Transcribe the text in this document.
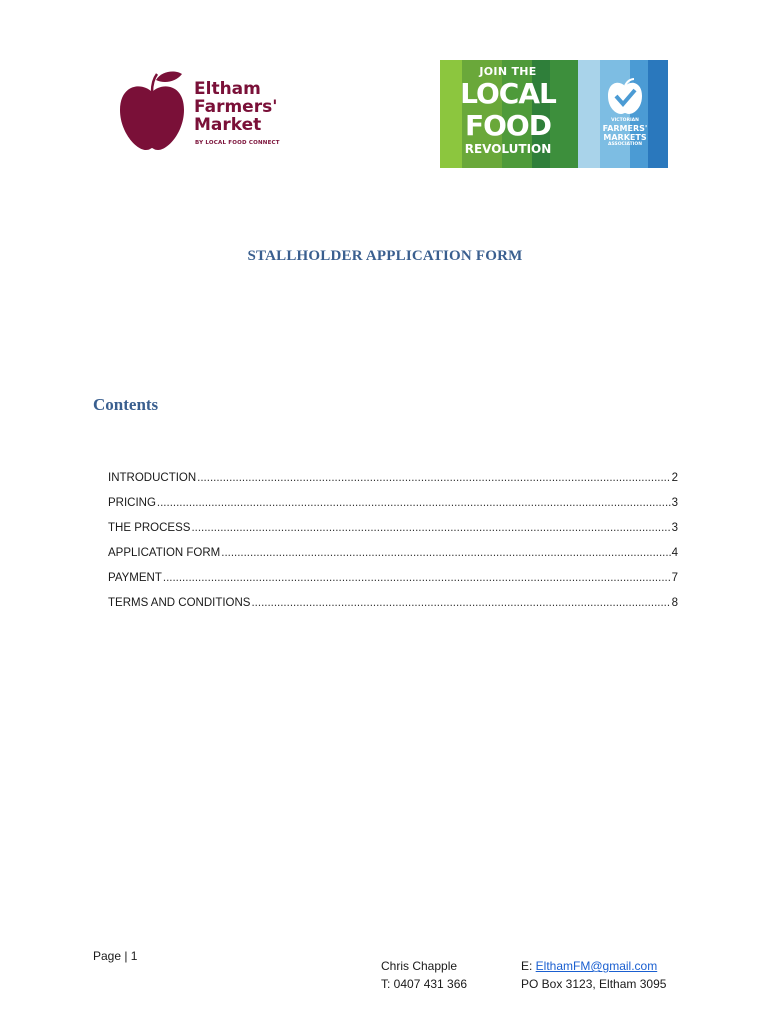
Eltham
Farmers'
Market
BY LOCAL FOOD CONNECT
JOIN THE
LOCAL
FOOD
REVOLUTION
VICTORIAN
FARMERS'
MARKETS
ASSOCIATION
STALLHOLDER APPLICATION FORM
Contents
INTRODUCTION .....	2
PRICING .....	3
THE PROCESS .....	3
APPLICATION FORM .....	4
PAYMENT .....	7
TERMS AND CONDITIONS .....	8
Page | 1
Chris Chapple
T: 0407 431 366
E: ElthamFM@gmail.com
PO Box 3123, Eltham 3095
